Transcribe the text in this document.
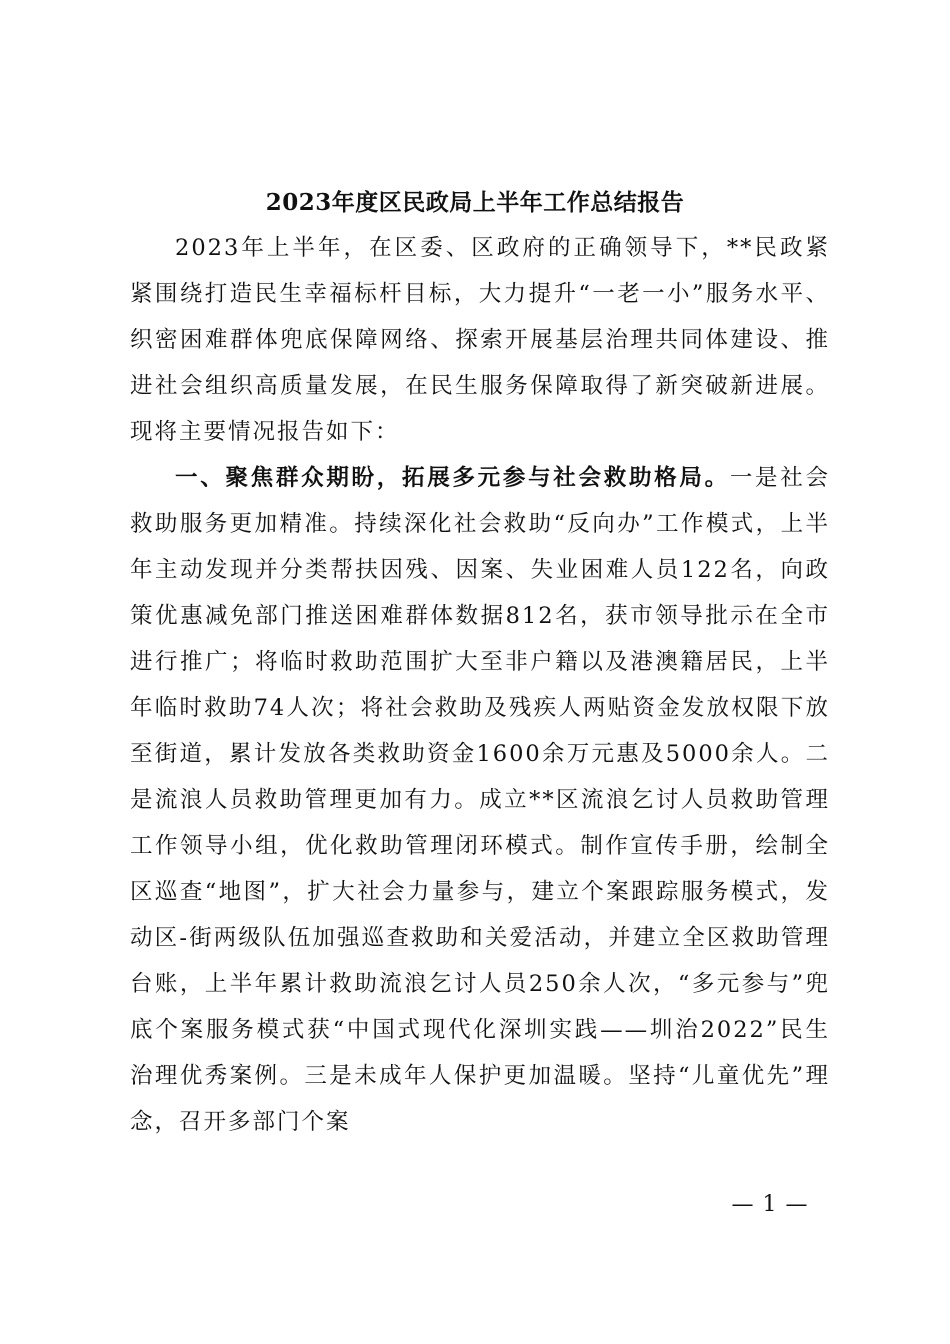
2023年度区民政局上半年工作总结报告

2023年上半年，在区委、区政府的正确领导下，**民政紧紧围绕打造民生幸福标杆目标，大力提升“一老一小”服务水平、织密困难群体兜底保障网络、探索开展基层治理共同体建设、推进社会组织高质量发展，在民生服务保障取得了新突破新进展。现将主要情况报告如下：

一、聚焦群众期盼，拓展多元参与社会救助格局。一是社会救助服务更加精准。持续深化社会救助“反向办”工作模式，上半年主动发现并分类帮扶因残、因案、失业困难人员122名，向政策优惠减免部门推送困难群体数据812名，获市领导批示在全市进行推广；将临时救助范围扩大至非户籍以及港澳籍居民，上半年临时救助74人次；将社会救助及残疾人两贴资金发放权限下放至街道，累计发放各类救助资金1600余万元惠及5000余人。二是流浪人员救助管理更加有力。成立**区流浪乞讨人员救助管理工作领导小组，优化救助管理闭环模式。制作宣传手册，绘制全区巡查“地图”，扩大社会力量参与，建立个案跟踪服务模式，发动区-街两级队伍加强巡查救助和关爱活动，并建立全区救助管理台账，上半年累计救助流浪乞讨人员250余人次，“多元参与”兜底个案服务模式获“中国式现代化深圳实践——圳治2022”民生治理优秀案例。三是未成年人保护更加温暖。坚持“儿童优先”理念，召开多部门个案

— 1 —
